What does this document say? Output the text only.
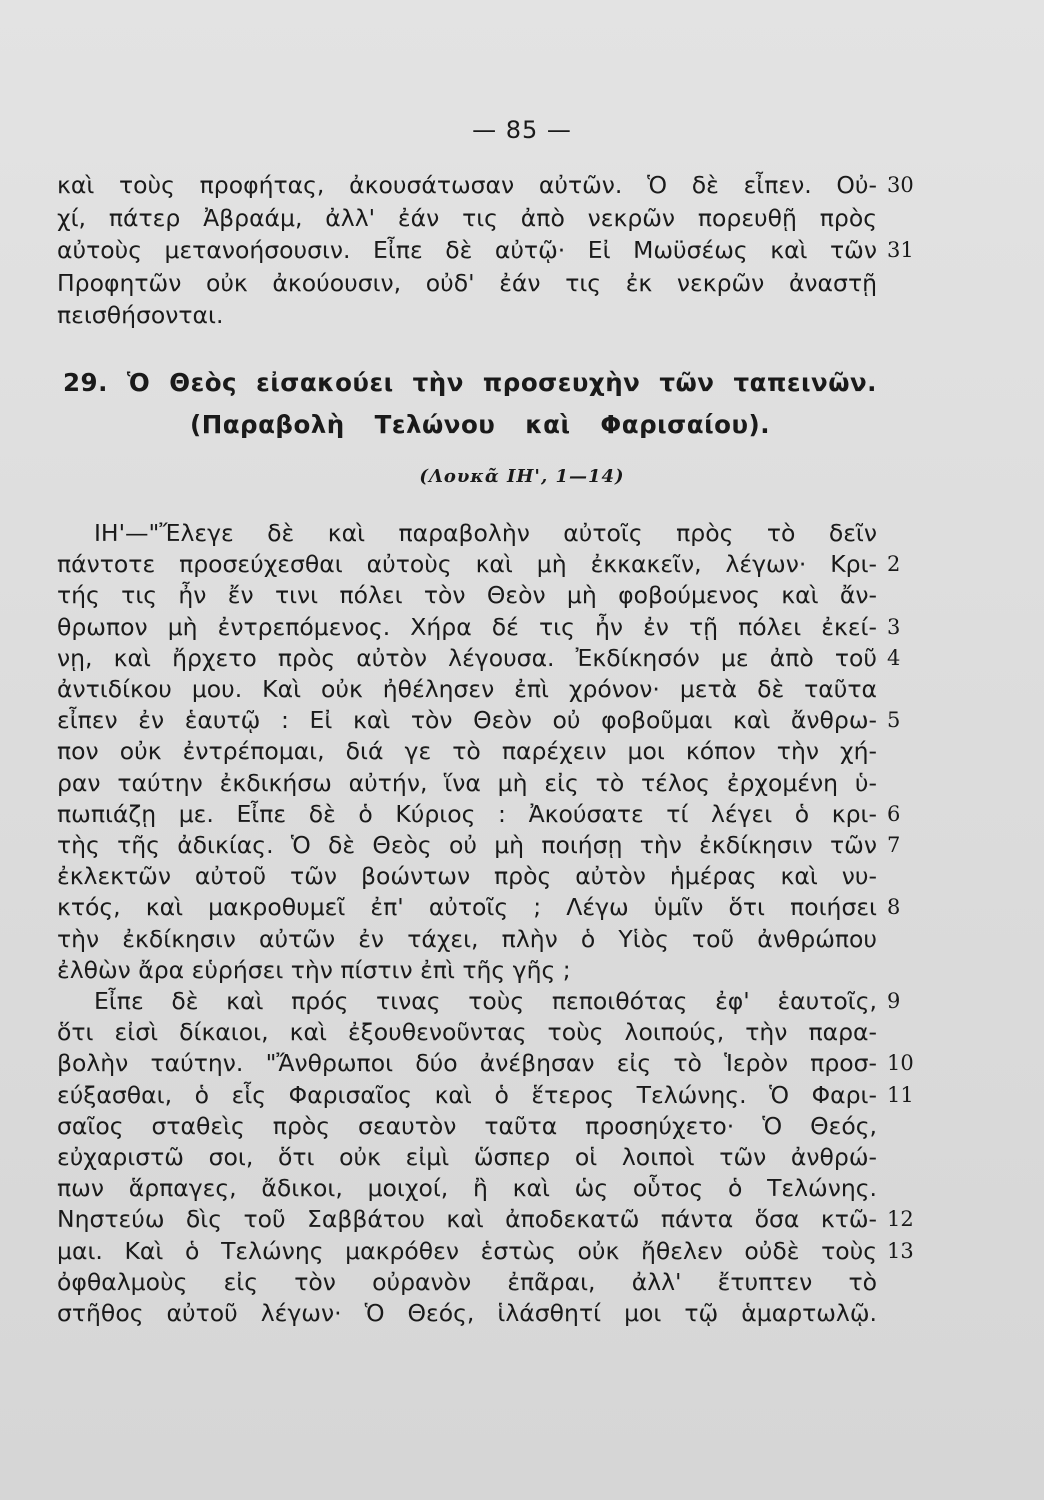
— 85 —
καὶ τοὺς προφήτας, ἀκουσάτωσαν αὐτῶν. Ὁ δὲ εἶπεν. Οὐ- 30
χί, πάτερ Ἀβραάμ, ἀλλ' ἐάν τις ἀπὸ νεκρῶν πορευθῇ πρὸς
αὐτοὺς μετανοήσουσιν. Εἶπε δὲ αὐτῷ· Εἰ Μωϋσέως καὶ τῶν 31
Προφητῶν οὐκ ἀκούουσιν, οὐδ' ἐάν τις ἐκ νεκρῶν ἀναστῇ
πεισθήσονται.
29. Ὁ Θεὸς εἰσακούει τὴν προσευχὴν τῶν ταπεινῶν.
(Παραβολὴ Τελώνου καὶ Φαρισαίου).
(Λουκᾶ ΙΗ', 1—14)
ΙΗ'—"Ἔλεγε δὲ καὶ παραβολὴν αὐτοῖς πρὸς τὸ δεῖν
πάντοτε προσεύχεσθαι αὐτοὺς καὶ μὴ ἐκκακεῖν, λέγων· Κρι- 2
τής τις ἦν ἔν τινι πόλει τὸν Θεὸν μὴ φοβούμενος καὶ ἄν-
θρωπον μὴ ἐντρεπόμενος. Χήρα δέ τις ἦν ἐν τῇ πόλει ἐκεί- 3
νῃ, καὶ ἤρχετο πρὸς αὐτὸν λέγουσα. Ἐκδίκησόν με ἀπὸ τοῦ 4
ἀντιδίκου μου. Καὶ οὐκ ἠθέλησεν ἐπὶ χρόνον· μετὰ δὲ ταῦτα
εἶπεν ἐν ἑαυτῷ : Εἰ καὶ τὸν Θεὸν οὐ φοβοῦμαι καὶ ἄνθρω- 5
πον οὐκ ἐντρέπομαι, διά γε τὸ παρέχειν μοι κόπον τὴν χή-
ραν ταύτην ἐκδικήσω αὐτήν, ἵνα μὴ εἰς τὸ τέλος ἐρχομένη ὑ-
πωπιάζῃ με. Εἶπε δὲ ὁ Κύριος : Ἀκούσατε τί λέγει ὁ κρι- 6
τὴς τῆς ἀδικίας. Ὁ δὲ Θεὸς οὐ μὴ ποιήσῃ τὴν ἐκδίκησιν τῶν 7
ἐκλεκτῶν αὐτοῦ τῶν βοώντων πρὸς αὐτὸν ἡμέρας καὶ νυ-
κτός, καὶ μακροθυμεῖ ἐπ' αὐτοῖς ; Λέγω ὑμῖν ὅτι ποιήσει 8
τὴν ἐκδίκησιν αὐτῶν ἐν τάχει, πλὴν ὁ Υἱὸς τοῦ ἀνθρώπου
ἐλθὼν ἄρα εὑρήσει τὴν πίστιν ἐπὶ τῆς γῆς ;
Εἶπε δὲ καὶ πρός τινας τοὺς πεποιθότας ἐφ' ἑαυτοῖς, 9
ὅτι εἰσὶ δίκαιοι, καὶ ἐξουθενοῦντας τοὺς λοιπούς, τὴν παρα-
βολὴν ταύτην. "Ἄνθρωποι δύο ἀνέβησαν εἰς τὸ Ἱερὸν προσ- 10
εύξασθαι, ὁ εἷς Φαρισαῖος καὶ ὁ ἕτερος Τελώνης. Ὁ Φαρι- 11
σαῖος σταθεὶς πρὸς σεαυτὸν ταῦτα προσηύχετο· Ὁ Θεός,
εὐχαριστῶ σοι, ὅτι οὐκ εἰμὶ ὥσπερ οἱ λοιποὶ τῶν ἀνθρώ-
πων ἅρπαγες, ἄδικοι, μοιχοί, ἢ καὶ ὡς οὗτος ὁ Τελώνης.
Νηστεύω δὶς τοῦ Σαββάτου καὶ ἀποδεκατῶ πάντα ὅσα κτῶ- 12
μαι. Καὶ ὁ Τελώνης μακρόθεν ἑστὼς οὐκ ἤθελεν οὐδὲ τοὺς 13
ὀφθαλμοὺς εἰς τὸν οὐρανὸν ἐπᾶραι, ἀλλ' ἔτυπτεν τὸ
στῆθος αὐτοῦ λέγων· Ὁ Θεός, ἱλάσθητί μοι τῷ ἁμαρτωλῷ.
